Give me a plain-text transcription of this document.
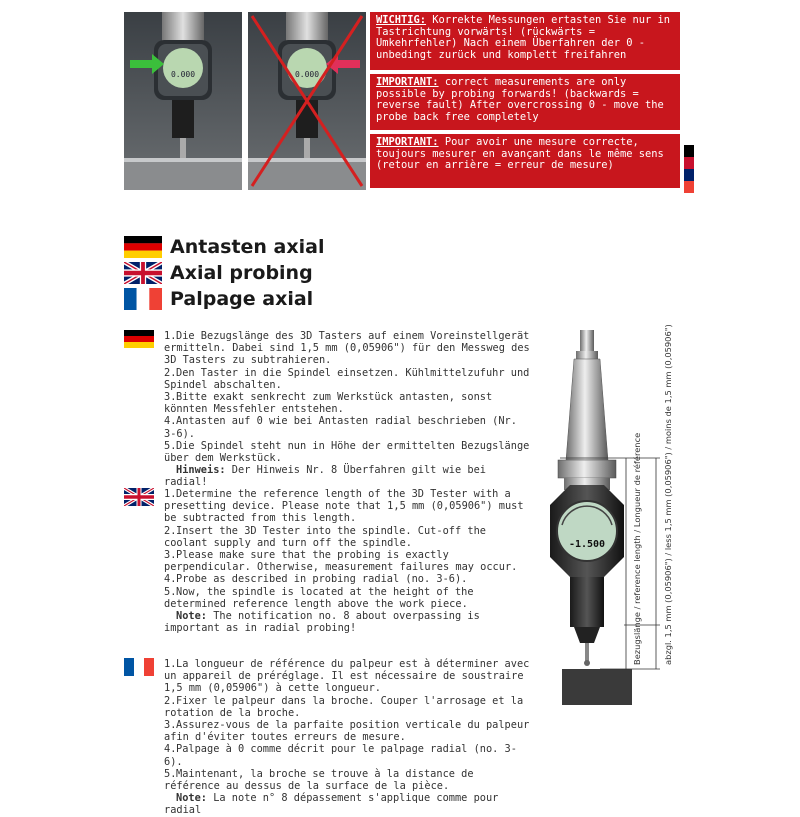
0.000	0.000
WICHTIG: Korrekte Messungen ertasten Sie nur in Tastrichtung vorwärts! (rückwärts = Umkehrfehler) Nach einem Überfahren der 0 - unbedingt zurück und komplett freifahren
IMPORTANT: correct measurements are only possible by probing forwards! (backwards = reverse fault) After overcrossing 0 - move the probe back free completely
IMPORTANT: Pour avoir une mesure correcte, toujours mesurer en avançant dans le même sens (retour en arrière = erreur de mesure)
Antasten axial
Axial probing
Palpage axial
1.Die Bezugslänge des 3D Tasters auf einem Voreinstellgerät ermitteln. Dabei sind 1,5 mm (0,05906") für den Messweg des 3D Tasters zu subtrahieren.
2.Den Taster in die Spindel einsetzen. Kühlmittelzufuhr und Spindel abschalten.
3.Bitte exakt senkrecht zum Werkstück antasten, sonst könnten Messfehler entstehen.
4.Antasten auf 0 wie bei Antasten radial beschrieben (Nr. 3-6).
5.Die Spindel steht nun in Höhe der ermittelten Bezugslänge über dem Werkstück.
Hinweis: Der Hinweis Nr. 8 Überfahren gilt wie bei radial!
1.Determine the reference length of the 3D Tester with a presetting device. Please note that 1,5 mm (0,05906") must be subtracted from this length.
2.Insert the 3D Tester into the spindle. Cut-off the coolant supply and turn off the spindle.
3.Please make sure that the probing is exactly perpendicular. Otherwise, measurement failures may occur.
4.Probe as described in probing radial (no. 3-6).
5.Now, the spindle is located at the height of the determined reference length above the work piece.
Note: The notification no. 8 about overpassing is important as in radial probing!
1.La longueur de référence du palpeur est à déterminer avec un appareil de préréglage. Il est nécessaire de soustraire 1,5 mm (0,05906") à cette longueur.
2.Fixer le palpeur dans la broche. Couper l'arrosage et la rotation de la broche.
3.Assurez-vous de la parfaite position verticale du palpeur afin d'éviter toutes erreurs de mesure.
4.Palpage à 0 comme décrit pour le palpage radial (no. 3-6).
5.Maintenant, la broche se trouve à la distance de référence au dessus de la surface de la pièce.
Note: La note n° 8 dépassement s'applique comme pour radial
-1.500	Bezugslänge / reference length / Longueur de référence	abzgl. 1,5 mm (0,05906") / less 1,5 mm (0,05906") / moins de 1,5 mm (0,05906")
